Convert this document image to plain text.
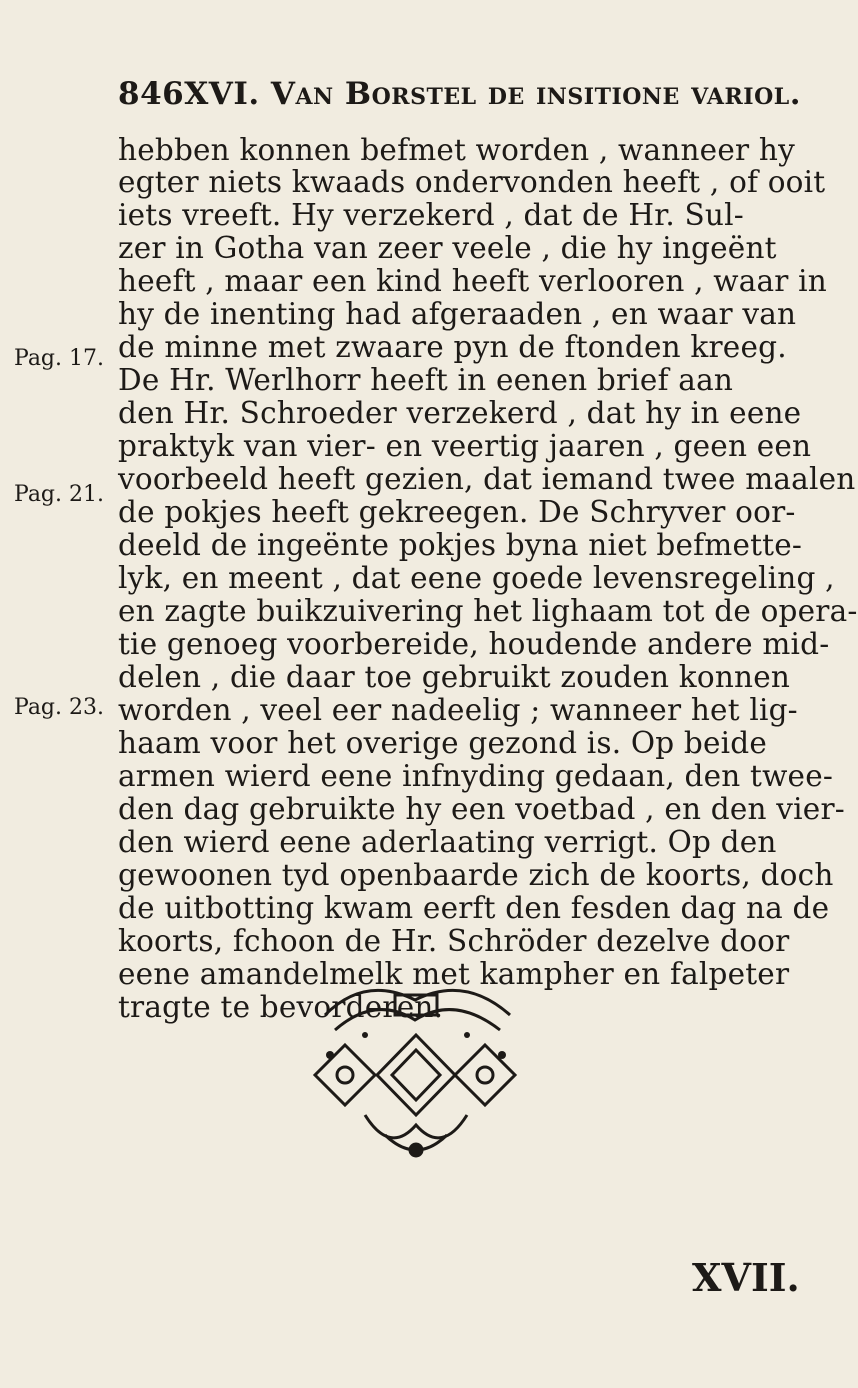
846XVI. Van Borstel de insitione variol.
Pag. 17.
Pag. 21.
Pag. 23.
hebben konnen befmet worden , wanneer hy
egter niets kwaads ondervonden heeft , of ooit
iets vreeft. Hy verzekerd , dat de Hr. Sul-
zer in Gotha van zeer veele , die hy ingeënt
heeft , maar een kind heeft verlooren , waar in
hy de inenting had afgeraaden , en waar van
de minne met zwaare pyn de ftonden kreeg.
De Hr. Werlhorr heeft in eenen brief aan
den Hr. Schroeder verzekerd , dat hy in eene
praktyk van vier- en veertig jaaren , geen een
voorbeeld heeft gezien, dat iemand twee maalen
de pokjes heeft gekreegen. De Schryver oor-
deeld de ingeënte pokjes byna niet befmette-
lyk, en meent , dat eene goede levensregeling ,
en zagte buikzuivering het lighaam tot de opera-
tie genoeg voorbereide, houdende andere mid-
delen , die daar toe gebruikt zouden konnen
worden , veel eer nadeelig ; wanneer het lig-
haam voor het overige gezond is. Op beide
armen wierd eene infnyding gedaan, den twee-
den dag gebruikte hy een voetbad , en den vier-
den wierd eene aderlaating verrigt. Op den
gewoonen tyd openbaarde zich de koorts, doch
de uitbotting kwam eerft den fesden dag na de
koorts, fchoon de Hr. Schröder dezelve door
eene amandelmelk met kampher en falpeter
tragte te bevorderen.
XVII.
